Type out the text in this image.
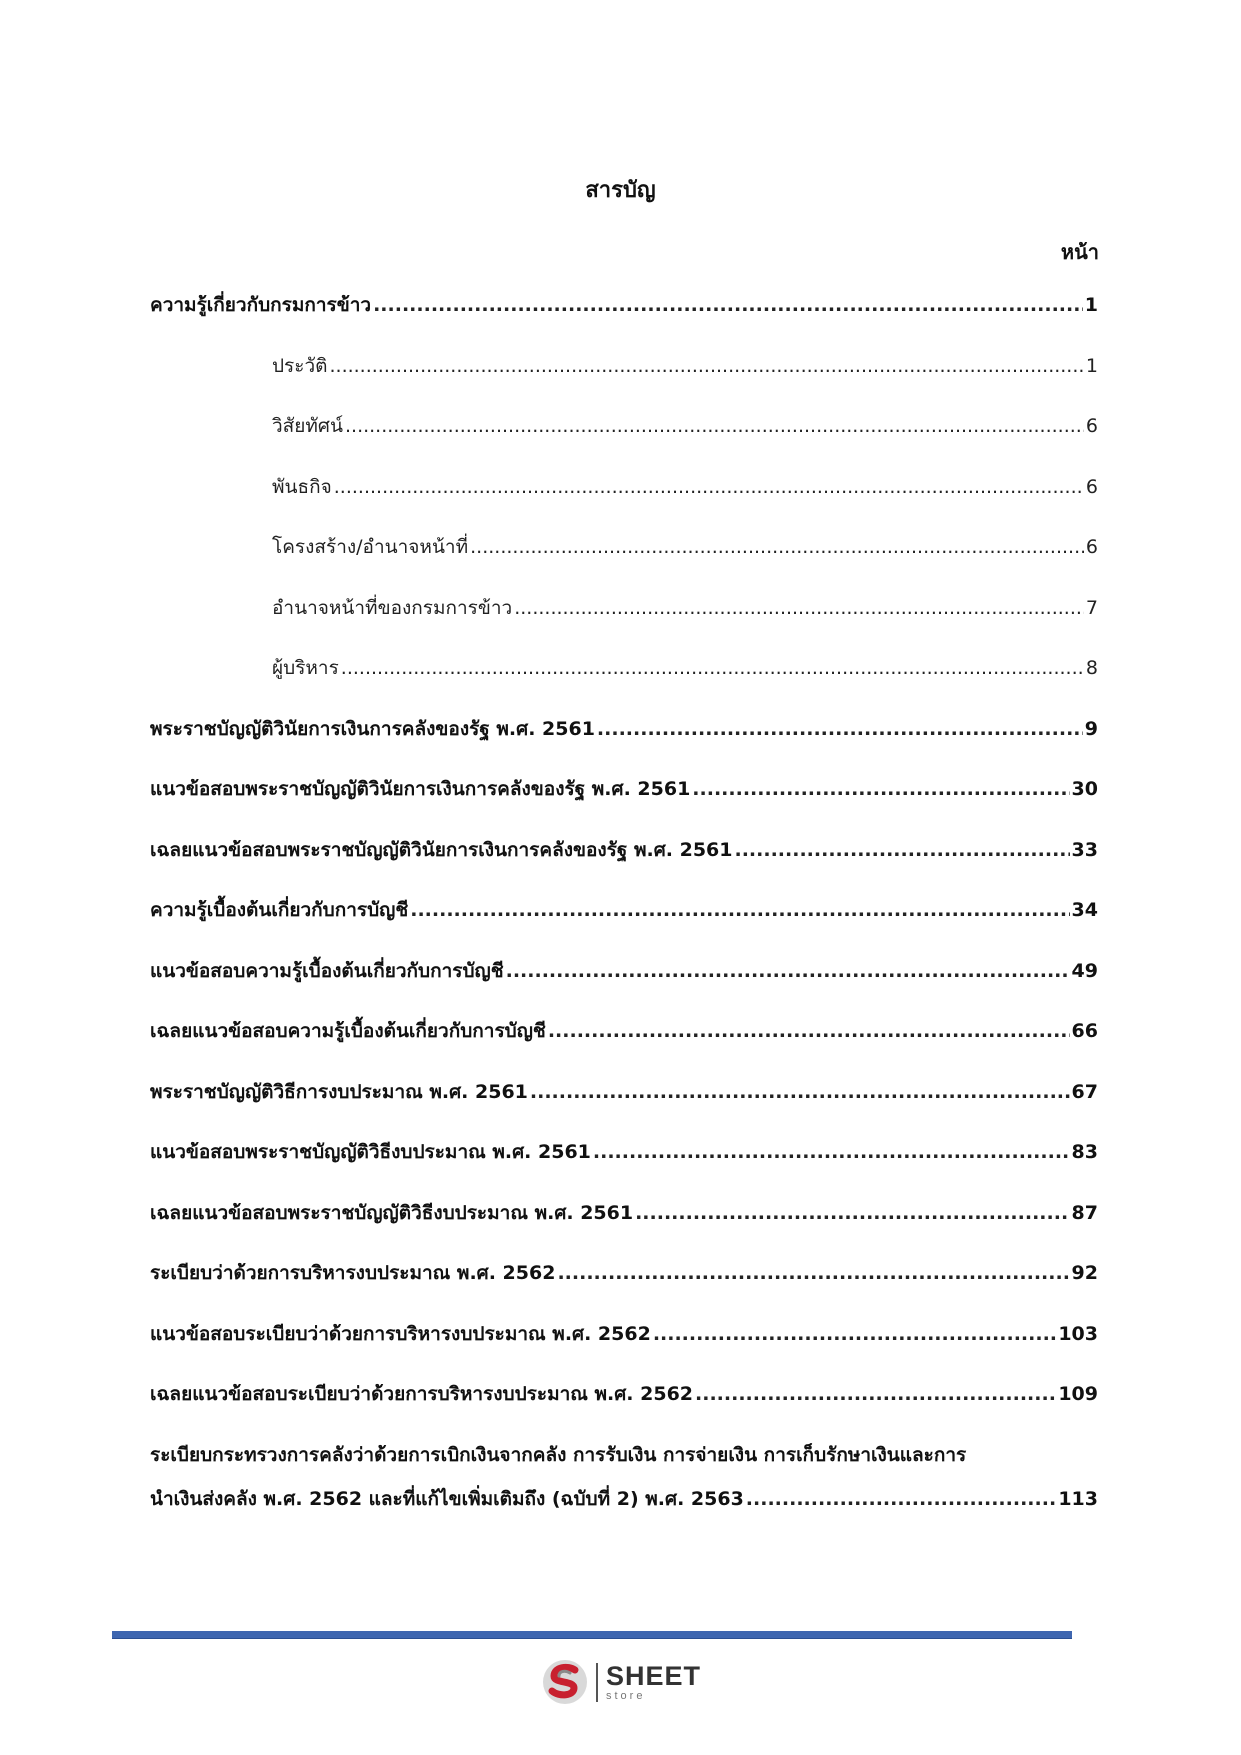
สารบัญ
หน้า
ความรู้เกี่ยวกับกรมการข้าว .....	1
ประวัติ .....	1
วิสัยทัศน์ .....	6
พันธกิจ .....	6
โครงสร้าง/อำนาจหน้าที่ .....	6
อำนาจหน้าที่ของกรมการข้าว .....	7
ผู้บริหาร .....	8
พระราชบัญญัติวินัยการเงินการคลังของรัฐ พ.ศ. 2561 .....	9
แนวข้อสอบพระราชบัญญัติวินัยการเงินการคลังของรัฐ พ.ศ. 2561 .....	30
เฉลยแนวข้อสอบพระราชบัญญัติวินัยการเงินการคลังของรัฐ พ.ศ. 2561 .....	33
ความรู้เบื้องต้นเกี่ยวกับการบัญชี .....	34
แนวข้อสอบความรู้เบื้องต้นเกี่ยวกับการบัญชี .....	49
เฉลยแนวข้อสอบความรู้เบื้องต้นเกี่ยวกับการบัญชี .....	66
พระราชบัญญัติวิธีการงบประมาณ พ.ศ. 2561 .....	67
แนวข้อสอบพระราชบัญญัติวิธีงบประมาณ พ.ศ. 2561 .....	83
เฉลยแนวข้อสอบพระราชบัญญัติวิธีงบประมาณ พ.ศ. 2561 .....	87
ระเบียบว่าด้วยการบริหารงบประมาณ พ.ศ. 2562 .....	92
แนวข้อสอบระเบียบว่าด้วยการบริหารงบประมาณ พ.ศ. 2562 .....	103
เฉลยแนวข้อสอบระเบียบว่าด้วยการบริหารงบประมาณ พ.ศ. 2562 .....	109
ระเบียบกระทรวงการคลังว่าด้วยการเบิกเงินจากคลัง การรับเงิน การจ่ายเงิน การเก็บรักษาเงินและการ
นำเงินส่งคลัง พ.ศ. 2562 และที่แก้ไขเพิ่มเติมถึง (ฉบับที่ 2) พ.ศ. 2563 .....	113
SHEET
store
